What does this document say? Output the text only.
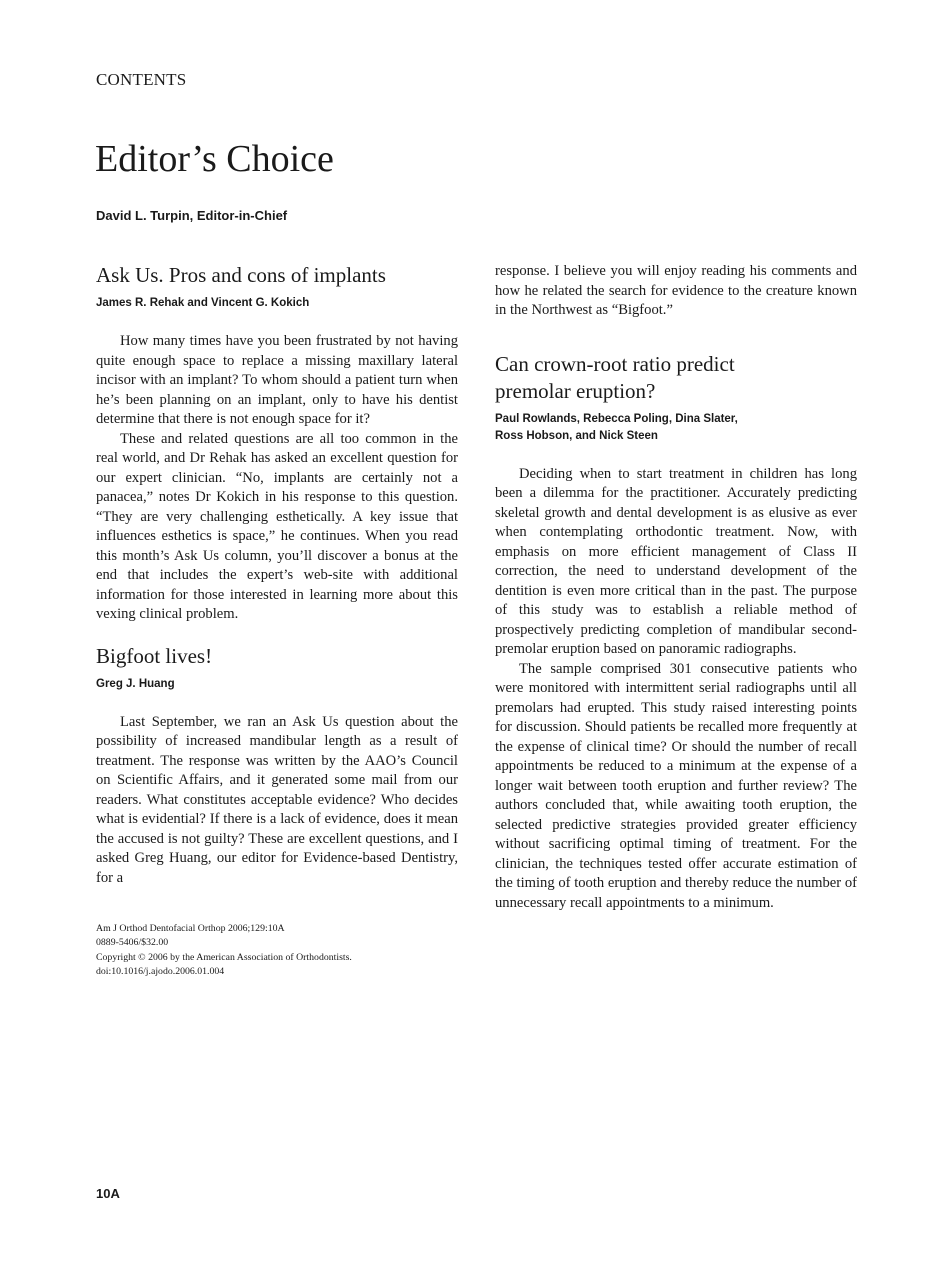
CONTENTS
Editor’s Choice
David L. Turpin, Editor-in-Chief
Ask Us. Pros and cons of implants
James R. Rehak and Vincent G. Kokich

How many times have you been frustrated by not having quite enough space to replace a missing maxillary lateral incisor with an implant? To whom should a patient turn when he’s been planning on an implant, only to have his dentist determine that there is not enough space for it?

These and related questions are all too common in the real world, and Dr Rehak has asked an excellent question for our expert clinician. “No, implants are certainly not a panacea,” notes Dr Kokich in his response to this question. “They are very challenging esthetically. A key issue that influences esthetics is space,” he continues. When you read this month’s Ask Us column, you’ll discover a bonus at the end that includes the expert’s web-site with additional information for those interested in learning more about this vexing clinical problem.

Bigfoot lives!
Greg J. Huang

Last September, we ran an Ask Us question about the possibility of increased mandibular length as a result of treatment. The response was written by the AAO’s Council on Scientific Affairs, and it generated some mail from our readers. What constitutes acceptable evidence? Who decides what is evidential? If there is a lack of evidence, does it mean the accused is not guilty? These are excellent questions, and I asked Greg Huang, our editor for Evidence-based Dentistry, for a

response. I believe you will enjoy reading his comments and how he related the search for evidence to the creature known in the Northwest as “Bigfoot.”

Can crown-root ratio predict
premolar eruption?
Paul Rowlands, Rebecca Poling, Dina Slater,
Ross Hobson, and Nick Steen

Deciding when to start treatment in children has long been a dilemma for the practitioner. Accurately predicting skeletal growth and dental development is as elusive as ever when contemplating orthodontic treatment. Now, with emphasis on more efficient management of Class II correction, the need to understand development of the dentition is even more critical than in the past. The purpose of this study was to establish a reliable method of prospectively predicting completion of mandibular second-premolar eruption based on panoramic radiographs.

The sample comprised 301 consecutive patients who were monitored with intermittent serial radiographs until all premolars had erupted. This study raised interesting points for discussion. Should patients be recalled more frequently at the expense of clinical time? Or should the number of recall appointments be reduced to a minimum at the expense of a longer wait between tooth eruption and further review? The authors concluded that, while awaiting tooth eruption, the selected predictive strategies provided greater efficiency without sacrificing optimal timing of treatment. For the clinician, the techniques tested offer accurate estimation of the timing of tooth eruption and thereby reduce the number of unnecessary recall appointments to a minimum.

Am J Orthod Dentofacial Orthop 2006;129:10A
0889-5406/$32.00
Copyright © 2006 by the American Association of Orthodontists.
doi:10.1016/j.ajodo.2006.01.004
10A
